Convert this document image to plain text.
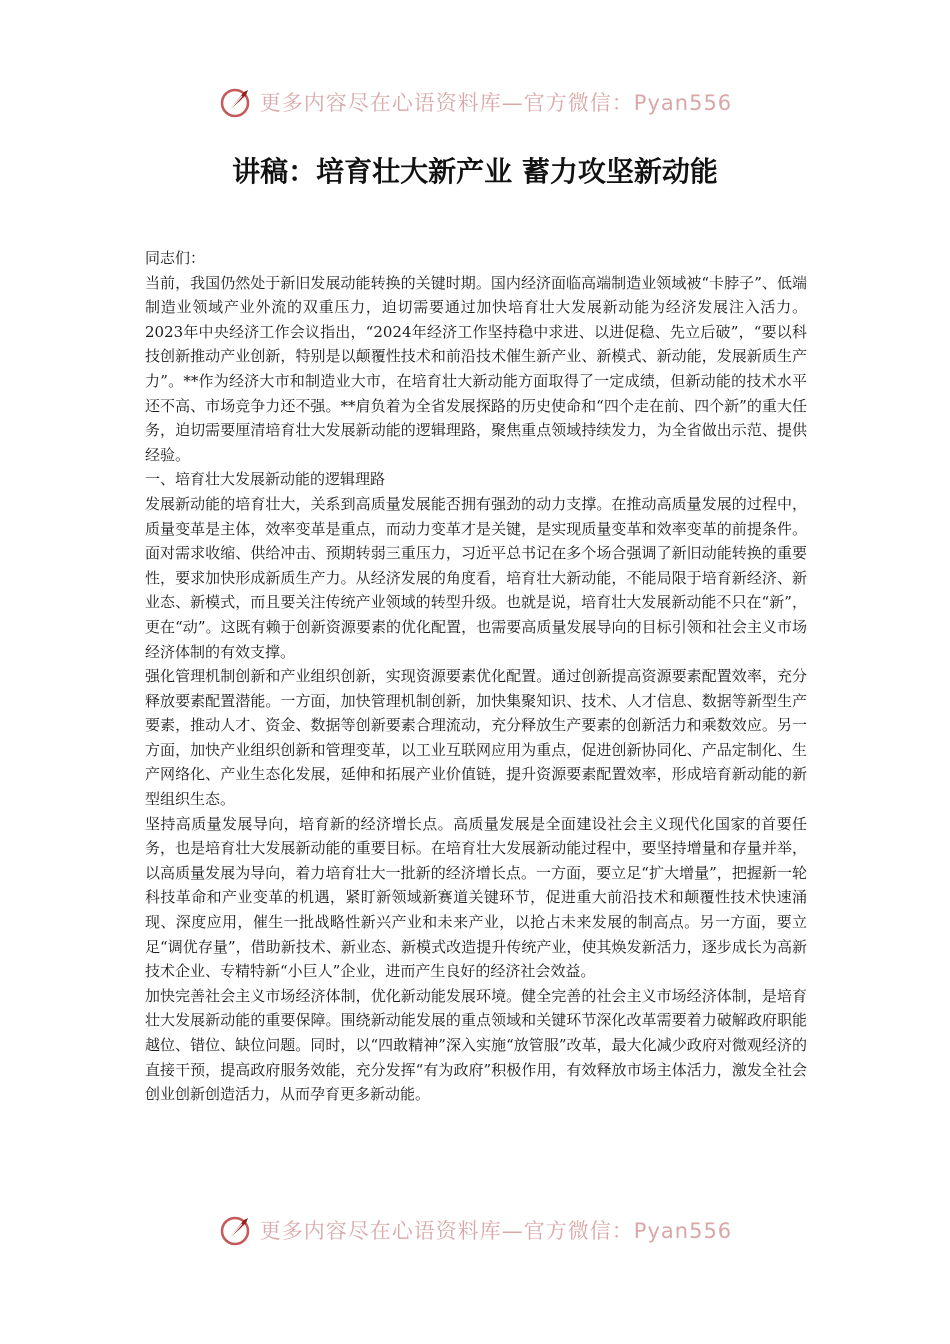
更多内容尽在心语资料库—官方微信：Pyan556
讲稿：培育壮大新产业 蓄力攻坚新动能

同志们：

当前，我国仍然处于新旧发展动能转换的关键时期。国内经济面临高端制造业领域被“卡脖子”、低端制造业领域产业外流的双重压力，迫切需要通过加快培育壮大发展新动能为经济发展注入活力。2023年中央经济工作会议指出，“2024年经济工作坚持稳中求进、以进促稳、先立后破”，“要以科技创新推动产业创新，特别是以颠覆性技术和前沿技术催生新产业、新模式、新动能，发展新质生产力”。**作为经济大市和制造业大市，在培育壮大新动能方面取得了一定成绩，但新动能的技术水平还不高、市场竞争力还不强。**肩负着为全省发展探路的历史使命和“四个走在前、四个新”的重大任务，迫切需要厘清培育壮大发展新动能的逻辑理路，聚焦重点领域持续发力，为全省做出示范、提供经验。

一、培育壮大发展新动能的逻辑理路

发展新动能的培育壮大，关系到高质量发展能否拥有强劲的动力支撑。在推动高质量发展的过程中，质量变革是主体，效率变革是重点，而动力变革才是关键，是实现质量变革和效率变革的前提条件。面对需求收缩、供给冲击、预期转弱三重压力，习近平总书记在多个场合强调了新旧动能转换的重要性，要求加快形成新质生产力。从经济发展的角度看，培育壮大新动能，不能局限于培育新经济、新业态、新模式，而且要关注传统产业领域的转型升级。也就是说，培育壮大发展新动能不只在“新”，更在“动”。这既有赖于创新资源要素的优化配置，也需要高质量发展导向的目标引领和社会主义市场经济体制的有效支撑。

强化管理机制创新和产业组织创新，实现资源要素优化配置。通过创新提高资源要素配置效率，充分释放要素配置潜能。一方面，加快管理机制创新，加快集聚知识、技术、人才信息、数据等新型生产要素，推动人才、资金、数据等创新要素合理流动，充分释放生产要素的创新活力和乘数效应。另一方面，加快产业组织创新和管理变革，以工业互联网应用为重点，促进创新协同化、产品定制化、生产网络化、产业生态化发展，延伸和拓展产业价值链，提升资源要素配置效率，形成培育新动能的新型组织生态。

坚持高质量发展导向，培育新的经济增长点。高质量发展是全面建设社会主义现代化国家的首要任务，也是培育壮大发展新动能的重要目标。在培育壮大发展新动能过程中，要坚持增量和存量并举，以高质量发展为导向，着力培育壮大一批新的经济增长点。一方面，要立足“扩大增量”，把握新一轮科技革命和产业变革的机遇，紧盯新领域新赛道关键环节，促进重大前沿技术和颠覆性技术快速涌现、深度应用，催生一批战略性新兴产业和未来产业，以抢占未来发展的制高点。另一方面，要立足“调优存量”，借助新技术、新业态、新模式改造提升传统产业，使其焕发新活力，逐步成长为高新技术企业、专精特新“小巨人”企业，进而产生良好的经济社会效益。

加快完善社会主义市场经济体制，优化新动能发展环境。健全完善的社会主义市场经济体制，是培育壮大发展新动能的重要保障。围绕新动能发展的重点领域和关键环节深化改革需要着力破解政府职能越位、错位、缺位问题。同时，以“四敢精神”深入实施“放管服”改革，最大化减少政府对微观经济的直接干预，提高政府服务效能，充分发挥“有为政府”积极作用，有效释放市场主体活力，激发全社会创业创新创造活力，从而孕育更多新动能。

更多内容尽在心语资料库—官方微信：Pyan556
